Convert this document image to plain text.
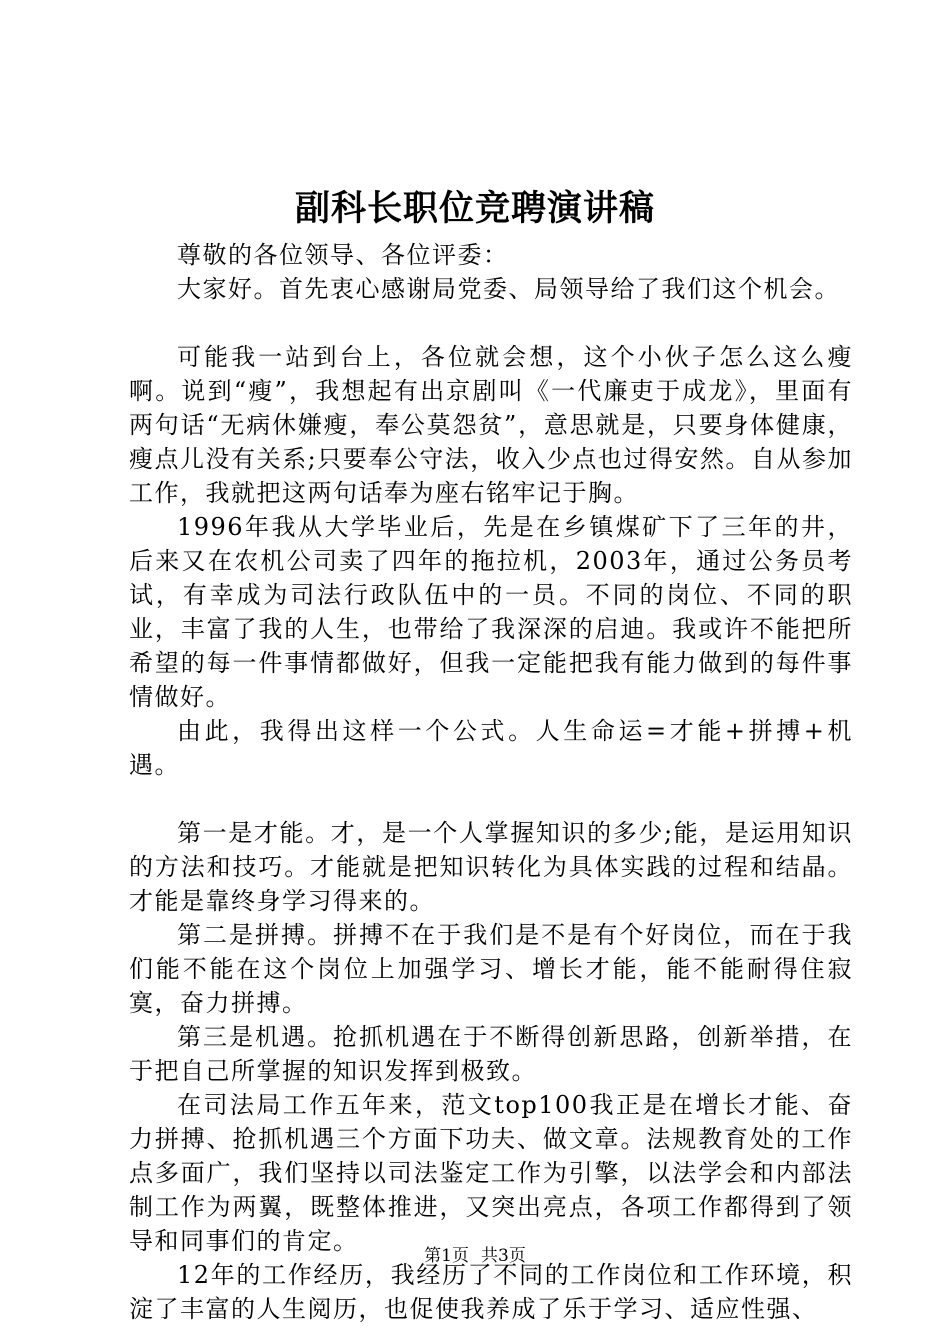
副科长职位竞聘演讲稿

尊敬的各位领导、各位评委：

大家好。首先衷心感谢局党委、局领导给了我们这个机会。

可能我一站到台上，各位就会想，这个小伙子怎么这么瘦啊。说到“瘦”，我想起有出京剧叫《一代廉吏于成龙》，里面有两句话“无病休嫌瘦，奉公莫怨贫”，意思就是，只要身体健康，瘦点儿没有关系;只要奉公守法，收入少点也过得安然。自从参加工作，我就把这两句话奉为座右铭牢记于胸。

1996年我从大学毕业后，先是在乡镇煤矿下了三年的井，后来又在农机公司卖了四年的拖拉机，2003年，通过公务员考试，有幸成为司法行政队伍中的一员。不同的岗位、不同的职业，丰富了我的人生，也带给了我深深的启迪。我或许不能把所希望的每一件事情都做好，但我一定能把我有能力做到的每件事情做好。

由此，我得出这样一个公式。人生命运=才能+拼搏+机遇。

第一是才能。才，是一个人掌握知识的多少;能，是运用知识的方法和技巧。才能就是把知识转化为具体实践的过程和结晶。才能是靠终身学习得来的。

第二是拼搏。拼搏不在于我们是不是有个好岗位，而在于我们能不能在这个岗位上加强学习、增长才能，能不能耐得住寂寞，奋力拼搏。

第三是机遇。抢抓机遇在于不断得创新思路，创新举措，在于把自己所掌握的知识发挥到极致。

在司法局工作五年来，范文top100我正是在增长才能、奋力拼搏、抢抓机遇三个方面下功夫、做文章。法规教育处的工作点多面广，我们坚持以司法鉴定工作为引擎，以法学会和内部法制工作为两翼，既整体推进，又突出亮点，各项工作都得到了领导和同事们的肯定。

12年的工作经历，我经历了不同的工作岗位和工作环境，积淀了丰富的人生阅历，也促使我养成了乐于学习、适应性强、

第1页 共3页
